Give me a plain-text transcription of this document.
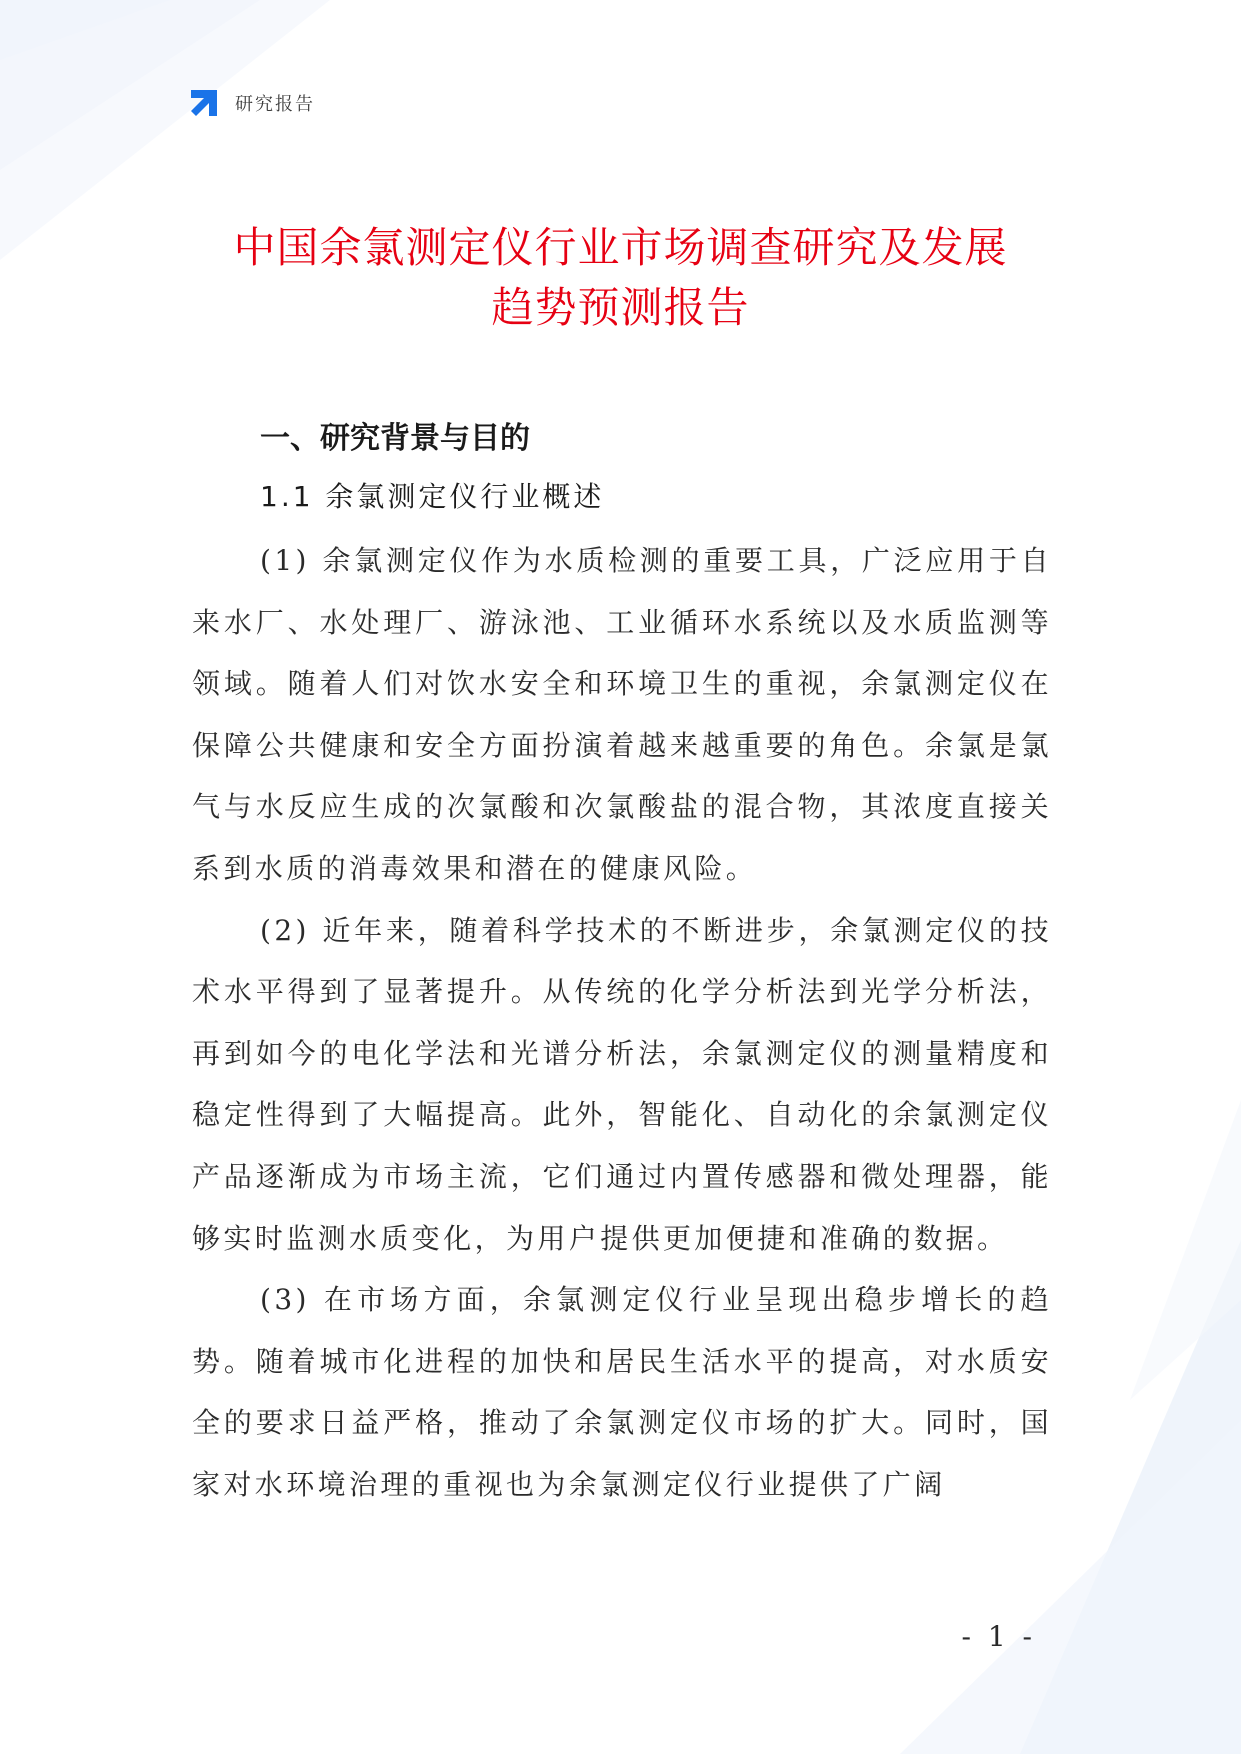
研究报告
中国余氯测定仪行业市场调查研究及发展
趋势预测报告
一、研究背景与目的
1.1 余氯测定仪行业概述

(1) 余氯测定仪作为水质检测的重要工具，广泛应用于自来水厂、水处理厂、游泳池、工业循环水系统以及水质监测等领域。随着人们对饮水安全和环境卫生的重视，余氯测定仪在保障公共健康和安全方面扮演着越来越重要的角色。余氯是氯气与水反应生成的次氯酸和次氯酸盐的混合物，其浓度直接关系到水质的消毒效果和潜在的健康风险。

(2) 近年来，随着科学技术的不断进步，余氯测定仪的技术水平得到了显著提升。从传统的化学分析法到光学分析法，再到如今的电化学法和光谱分析法，余氯测定仪的测量精度和稳定性得到了大幅提高。此外，智能化、自动化的余氯测定仪产品逐渐成为市场主流，它们通过内置传感器和微处理器，能够实时监测水质变化，为用户提供更加便捷和准确的数据。

(3) 在市场方面，余氯测定仪行业呈现出稳步增长的趋势。随着城市化进程的加快和居民生活水平的提高，对水质安全的要求日益严格，推动了余氯测定仪市场的扩大。同时，国家对水环境治理的重视也为余氯测定仪行业提供了广阔

- 1 -
